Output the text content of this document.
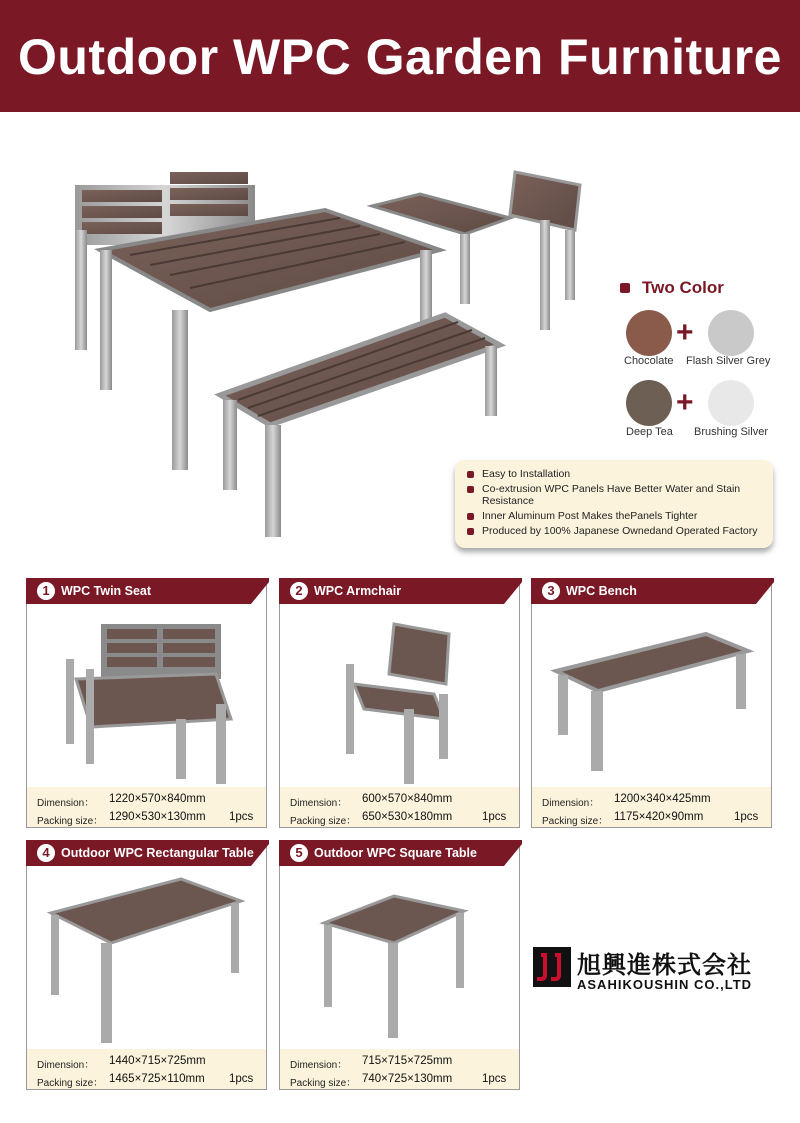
Outdoor WPC Garden Furniture
Two Color
+
Chocolate Flash Silver Grey
+
Deep Tea Brushing Silver
Easy to Installation
Co-extrusion WPC Panels Have Better Water and Stain Resistance
Inner Aluminum Post Makes thePanels Tighter
Produced by 100% Japanese Ownedand Operated Factory
1 WPC Twin Seat
Dimension： 1220×570×840mm
Packing size： 1290×530×130mm 1pcs
2 WPC Armchair
Dimension： 600×570×840mm
Packing size： 650×530×180mm	1pcs
3 WPC Bench
Dimension： 1200×340×425mm
Packing size： 1175×420×90mm	1pcs
4 Outdoor WPC Rectangular Table
Dimension： 1440×715×725mm
Packing size： 1465×725×110mm 1pcs
5 Outdoor WPC Square Table
Dimension： 715×715×725mm
Packing size： 740×725×130mm	1pcs
旭興進株式会社
ASAHIKOUSHIN CO.,LTD
